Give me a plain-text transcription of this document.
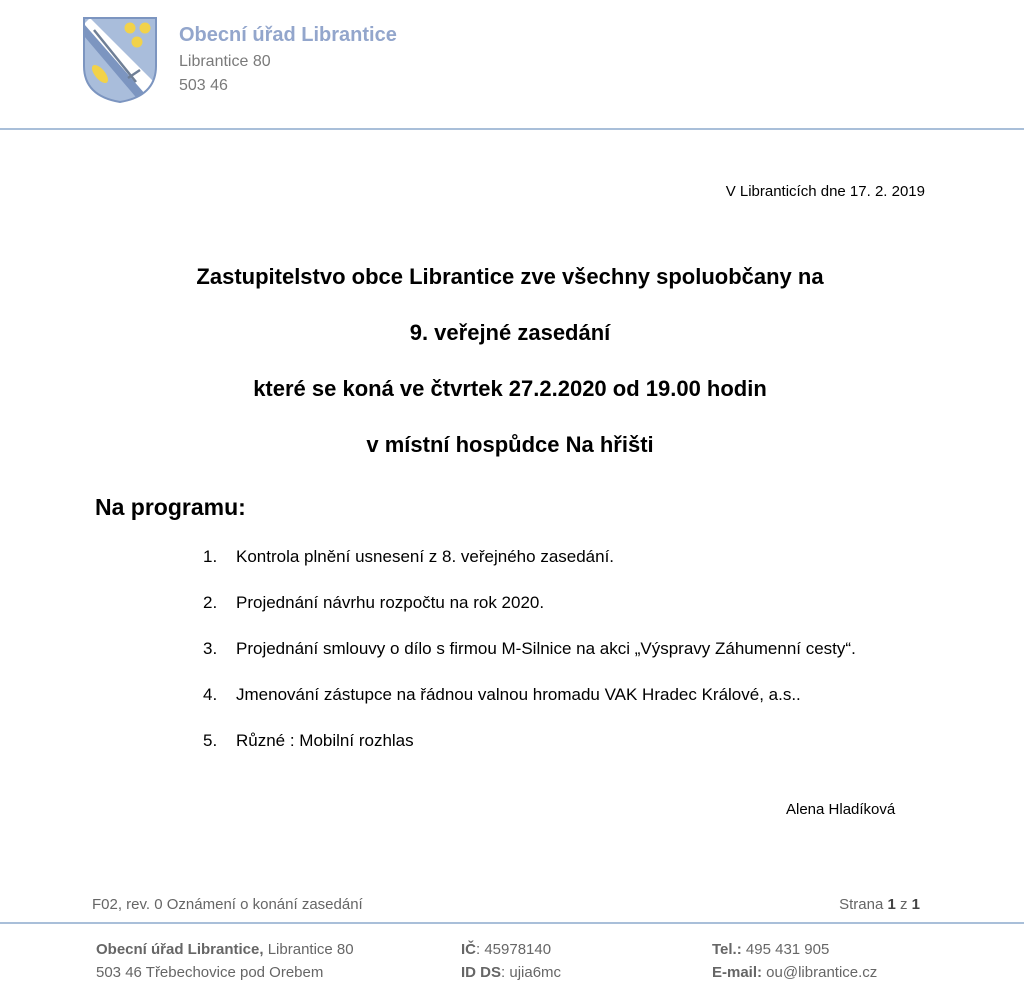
Obecní úřad Librantice
Librantice 80
503 46
V Libranticích dne 17. 2. 2019
Zastupitelstvo obce Librantice zve všechny spoluobčany na
9. veřejné zasedání
které se koná ve čtvrtek 27.2.2020 od 19.00 hodin
v místní hospůdce Na hřišti
Na programu:
1. Kontrola plnění usnesení z 8. veřejného zasedání.
2. Projednání návrhu rozpočtu na rok 2020.
3. Projednání smlouvy o dílo s firmou M-Silnice na akci „Výspravy Záhumenní cesty“.
4. Jmenování zástupce na řádnou valnou hromadu VAK Hradec Králové, a.s..
5. Různé : Mobilní rozhlas
Alena Hladíková
F02, rev. 0 Oznámení o konání zasedání	Strana 1 z 1
Obecní úřad Librantice, Librantice 80
503 46 Třebechovice pod Orebem
IČ: 45978140
ID DS: ujia6mc
Tel.: 495 431 905
E-mail: ou@librantice.cz
